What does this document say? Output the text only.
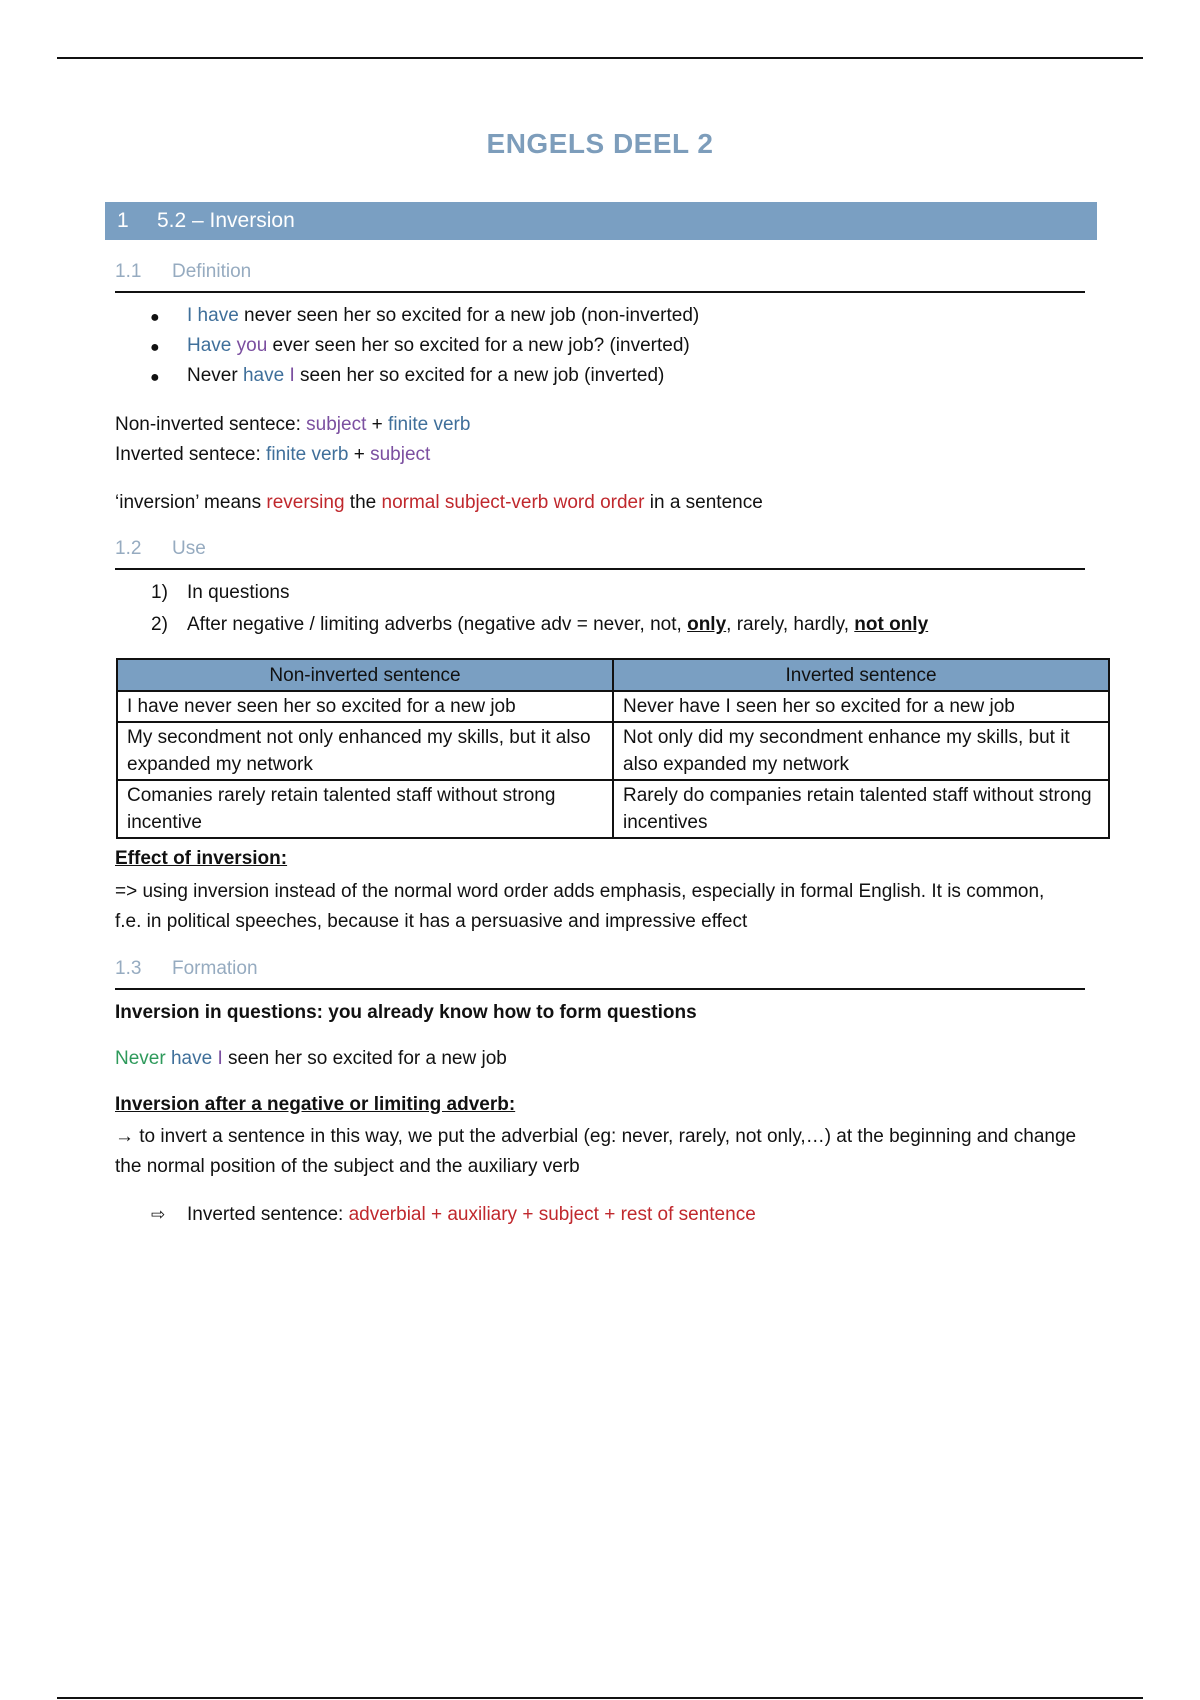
ENGELS DEEL 2
1	5.2 – Inversion
1.1	Definition
● I have never seen her so excited for a new job (non-inverted)
● Have you ever seen her so excited for a new job? (inverted)
● Never have I seen her so excited for a new job (inverted)
Non-inverted sentece: subject + finite verb
Inverted sentece: finite verb + subject
‘inversion’ means reversing the normal subject-verb word order in a sentence
1.2	Use
1) In questions
2) After negative / limiting adverbs (negative adv = never, not, only, rarely, hardly, not only
Non-inverted sentence	Inverted sentence
I have never seen her so excited for a new job	Never have I seen her so excited for a new job
My secondment not only enhanced my skills, but it also expanded my network	Not only did my secondment enhance my skills, but it also expanded my network
Comanies rarely retain talented staff without strong incentive	Rarely do companies retain talented staff without strong incentives
Effect of inversion:
=> using inversion instead of the normal word order adds emphasis, especially in formal English. It is common, f.e. in political speeches, because it has a persuasive and impressive effect
1.3	Formation
Inversion in questions: you already know how to form questions
Never have I seen her so excited for a new job
Inversion after a negative or limiting adverb:
→ to invert a sentence in this way, we put the adverbial (eg: never, rarely, not only,…) at the beginning and change the normal position of the subject and the auxiliary verb
⇨ Inverted sentence: adverbial + auxiliary + subject + rest of sentence
